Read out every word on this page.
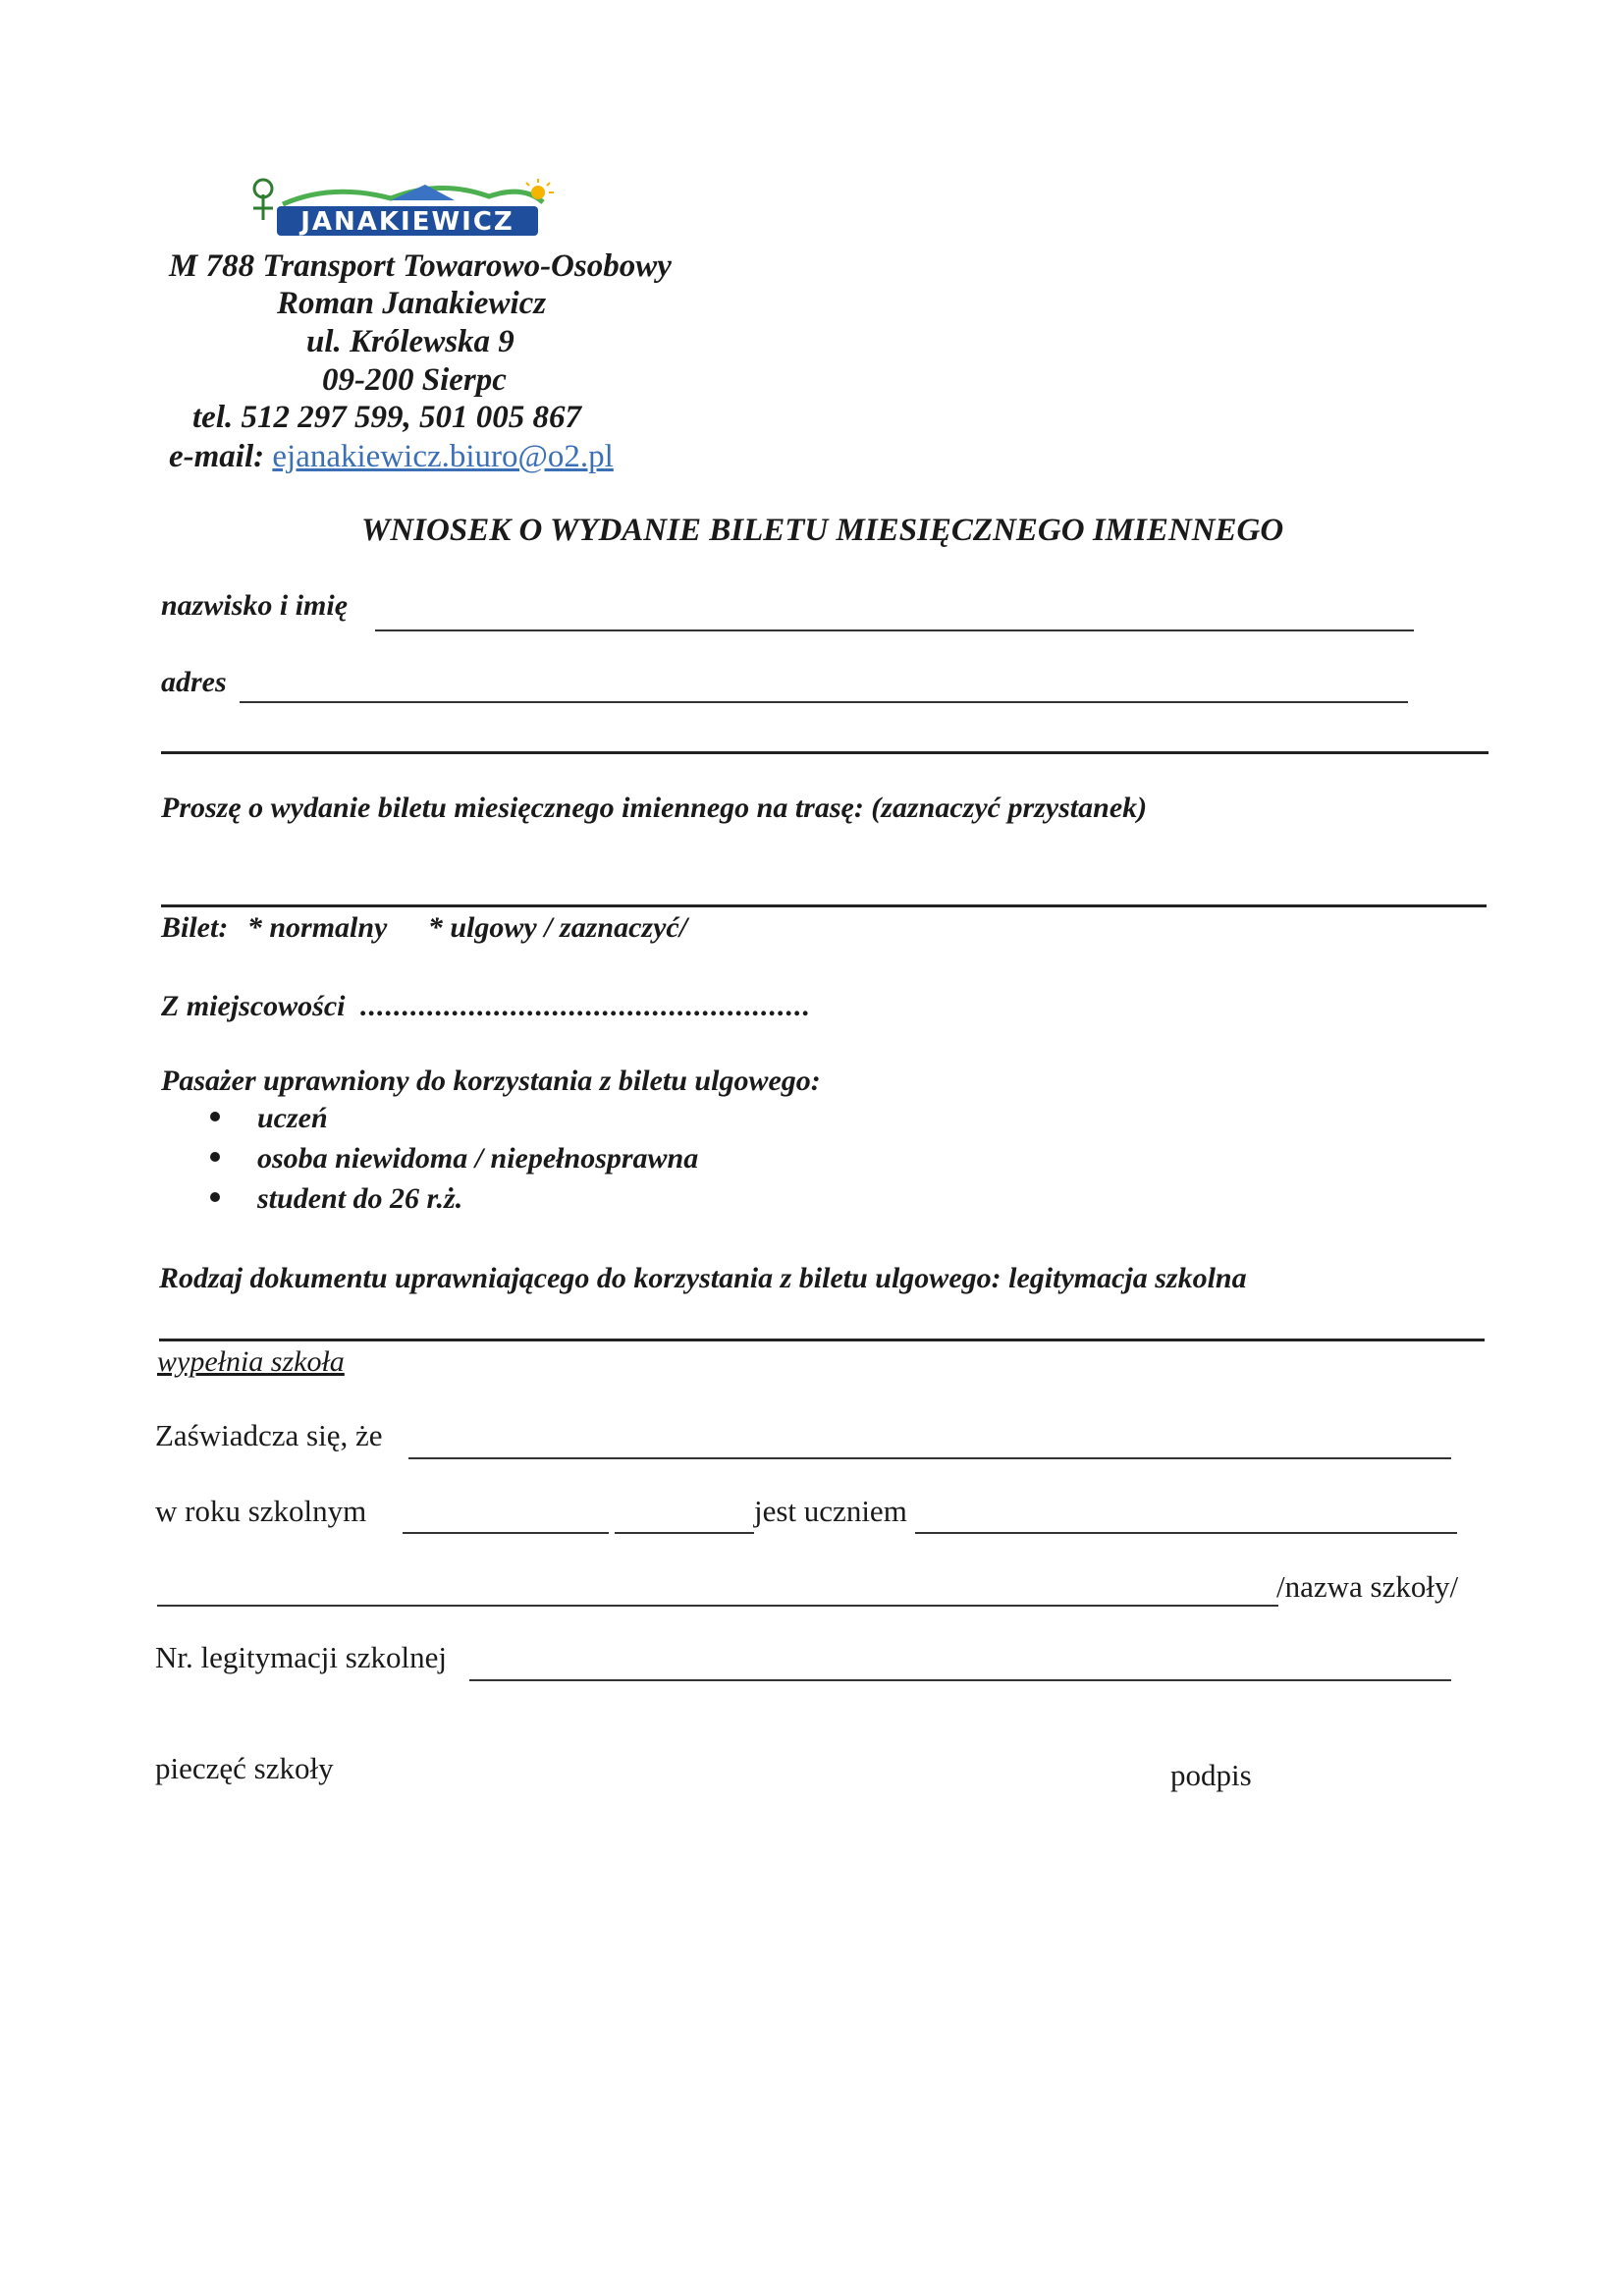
JANAKIEWICZ
M 788 Transport Towarowo-Osobowy
Roman Janakiewicz
ul. Królewska 9
09-200 Sierpc
tel. 512 297 599, 501 005 867
e-mail: ejanakiewicz.biuro@o2.pl
WNIOSEK O WYDANIE BILETU MIESIĘCZNEGO IMIENNEGO
nazwisko i imię
adres
Proszę o wydanie biletu miesięcznego imiennego na trasę: (zaznaczyć przystanek)
Bilet: * normalny * ulgowy / zaznaczyć/
Z miejscowości ......................................................
Pasażer uprawniony do korzystania z biletu ulgowego:
uczeń
osoba niewidoma / niepełnosprawna
student do 26 r.ż.
Rodzaj dokumentu uprawniającego do korzystania z biletu ulgowego: legitymacja szkolna
wypełnia szkoła
Zaświadcza się, że
w roku szkolnym	jest uczniem
/nazwa szkoły/
Nr. legitymacji szkolnej
pieczęć szkoły	podpis
